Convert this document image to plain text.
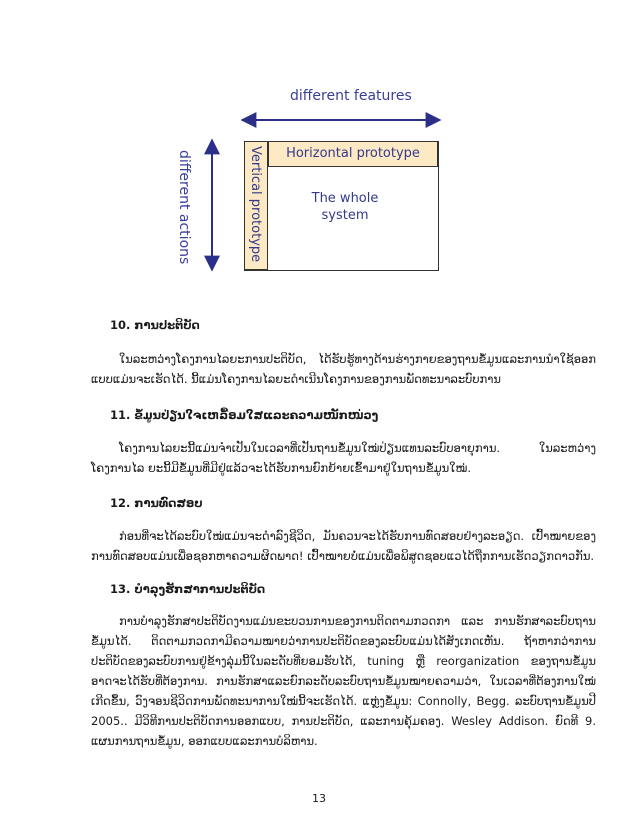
different features
different actions	Vertical prototype	Horizontal prototype
The whole
system
10. ການປະຕິບັດ

ໃນລະຫວ່າງໂຄງການໄລຍະການປະຕິບັດ, ໄດ້ຮັບຮູ້ທາງດ້ານຮ່າງກາຍຂອງຖານຂໍ້ມູນແລະການນຳໃຊ້ອອກແບບແມ່ນຈະເຮັດໄດ້. ນີ້ແມ່ນໂຄງການໄລຍະດຳເນີນໂຄງການຂອງການພັດທະນາລະບົບການ

11. ຂໍ້ມູນປ່ຽນໃຈເຫລື້ອມໃສແລະຄວາມໜັກໜ່ວງ

ໂຄງການໄລຍະນີ້ແມ່ນຈຳເປັນໃນເວລາທີ່ເປັນຖານຂໍ້ມູນໃໝ່ປ່ຽນແທນລະບົບອາຍຸການ. ໃນລະຫວ່າງໂຄງການໄລ ຍະນີ້ມີຂໍ້ມູນທີ່ມີຢູ່ແລ້ວຈະໄດ້ຮັບການຍົກຍ້າຍເຂົ້າມາຢູ່ໃນຖານຂໍ້ມູນໃໝ່.

12. ການທົດສອບ

ກ່ອນທີ່ຈະໄດ້ລະບົບໃໝ່ແມ່ນຈະດຳລົງຊີວິດ, ມັນຄວນຈະໄດ້ຮັບການທົດສອບຢ່າງລະອຽດ. ເປົ້າໝາຍຂອງການທົດສອບແມ່ນເພື່ອຊອກຫາຄວາມຜິດພາດ! ເປົ້າໝາຍບໍ່ແມ່ນເພື່ອພິສູດຊອບແວໄດ້ຖືກການເຮັດວຽກດາວກັນ.

13. ບຳລຸງຮັກສາການປະຕິບັດ

ການບຳລຸງຮັກສາປະຕິບັດງານແມ່ນຂະບວນການຂອງການຕິດຕາມກວດກາ ແລະ ການຮັກສາລະບົບຖານຂໍ້ມູນໄດ້. ຕິດຕາມກວດກາມີຄວາມໝາຍວ່າການປະຕິບັດຂອງລະບົບແມ່ນໄດ້ສັງເກດເຫັນ. ຖ້າຫາກວ່າການປະຕິບັດຂອງລະບົບການຢູ່ຂ້າງລຸ່ມນີ້ໃນລະດັບທີ່ຍອມຮັບໄດ້, tuning ຫຼື reorganization ຂອງຖານຂໍ້ມູນອາດຈະໄດ້ຮັບທີ່ຕ້ອງການ. ການຮັກສາແລະຍົກລະດັບລະບົບຖານຂໍ້ມູນໝາຍຄວາມວ່າ, ໃນເວລາທີ່ຕ້ອງການໃໝ່ເກີດຂຶ້ນ, ວົງຈອນຊີວິດການພັດທະນາການໃໝ່ນີ້ຈະເຮັດໄດ້. ແຫຼ່ງຂໍ້ມູນ: Connolly, Begg. ລະບົບຖານຂໍ້ມູນປີ 2005.. ມີວິທີການປະຕິບັດການອອກແບບ, ການປະຕິບັດ, ແລະການຄຸ້ມຄອງ. Wesley Addison. ຍົດທີ 9. ແຜນການຖານຂໍ້ມູນ, ອອກແບບແລະການບໍລິຫານ.

13
